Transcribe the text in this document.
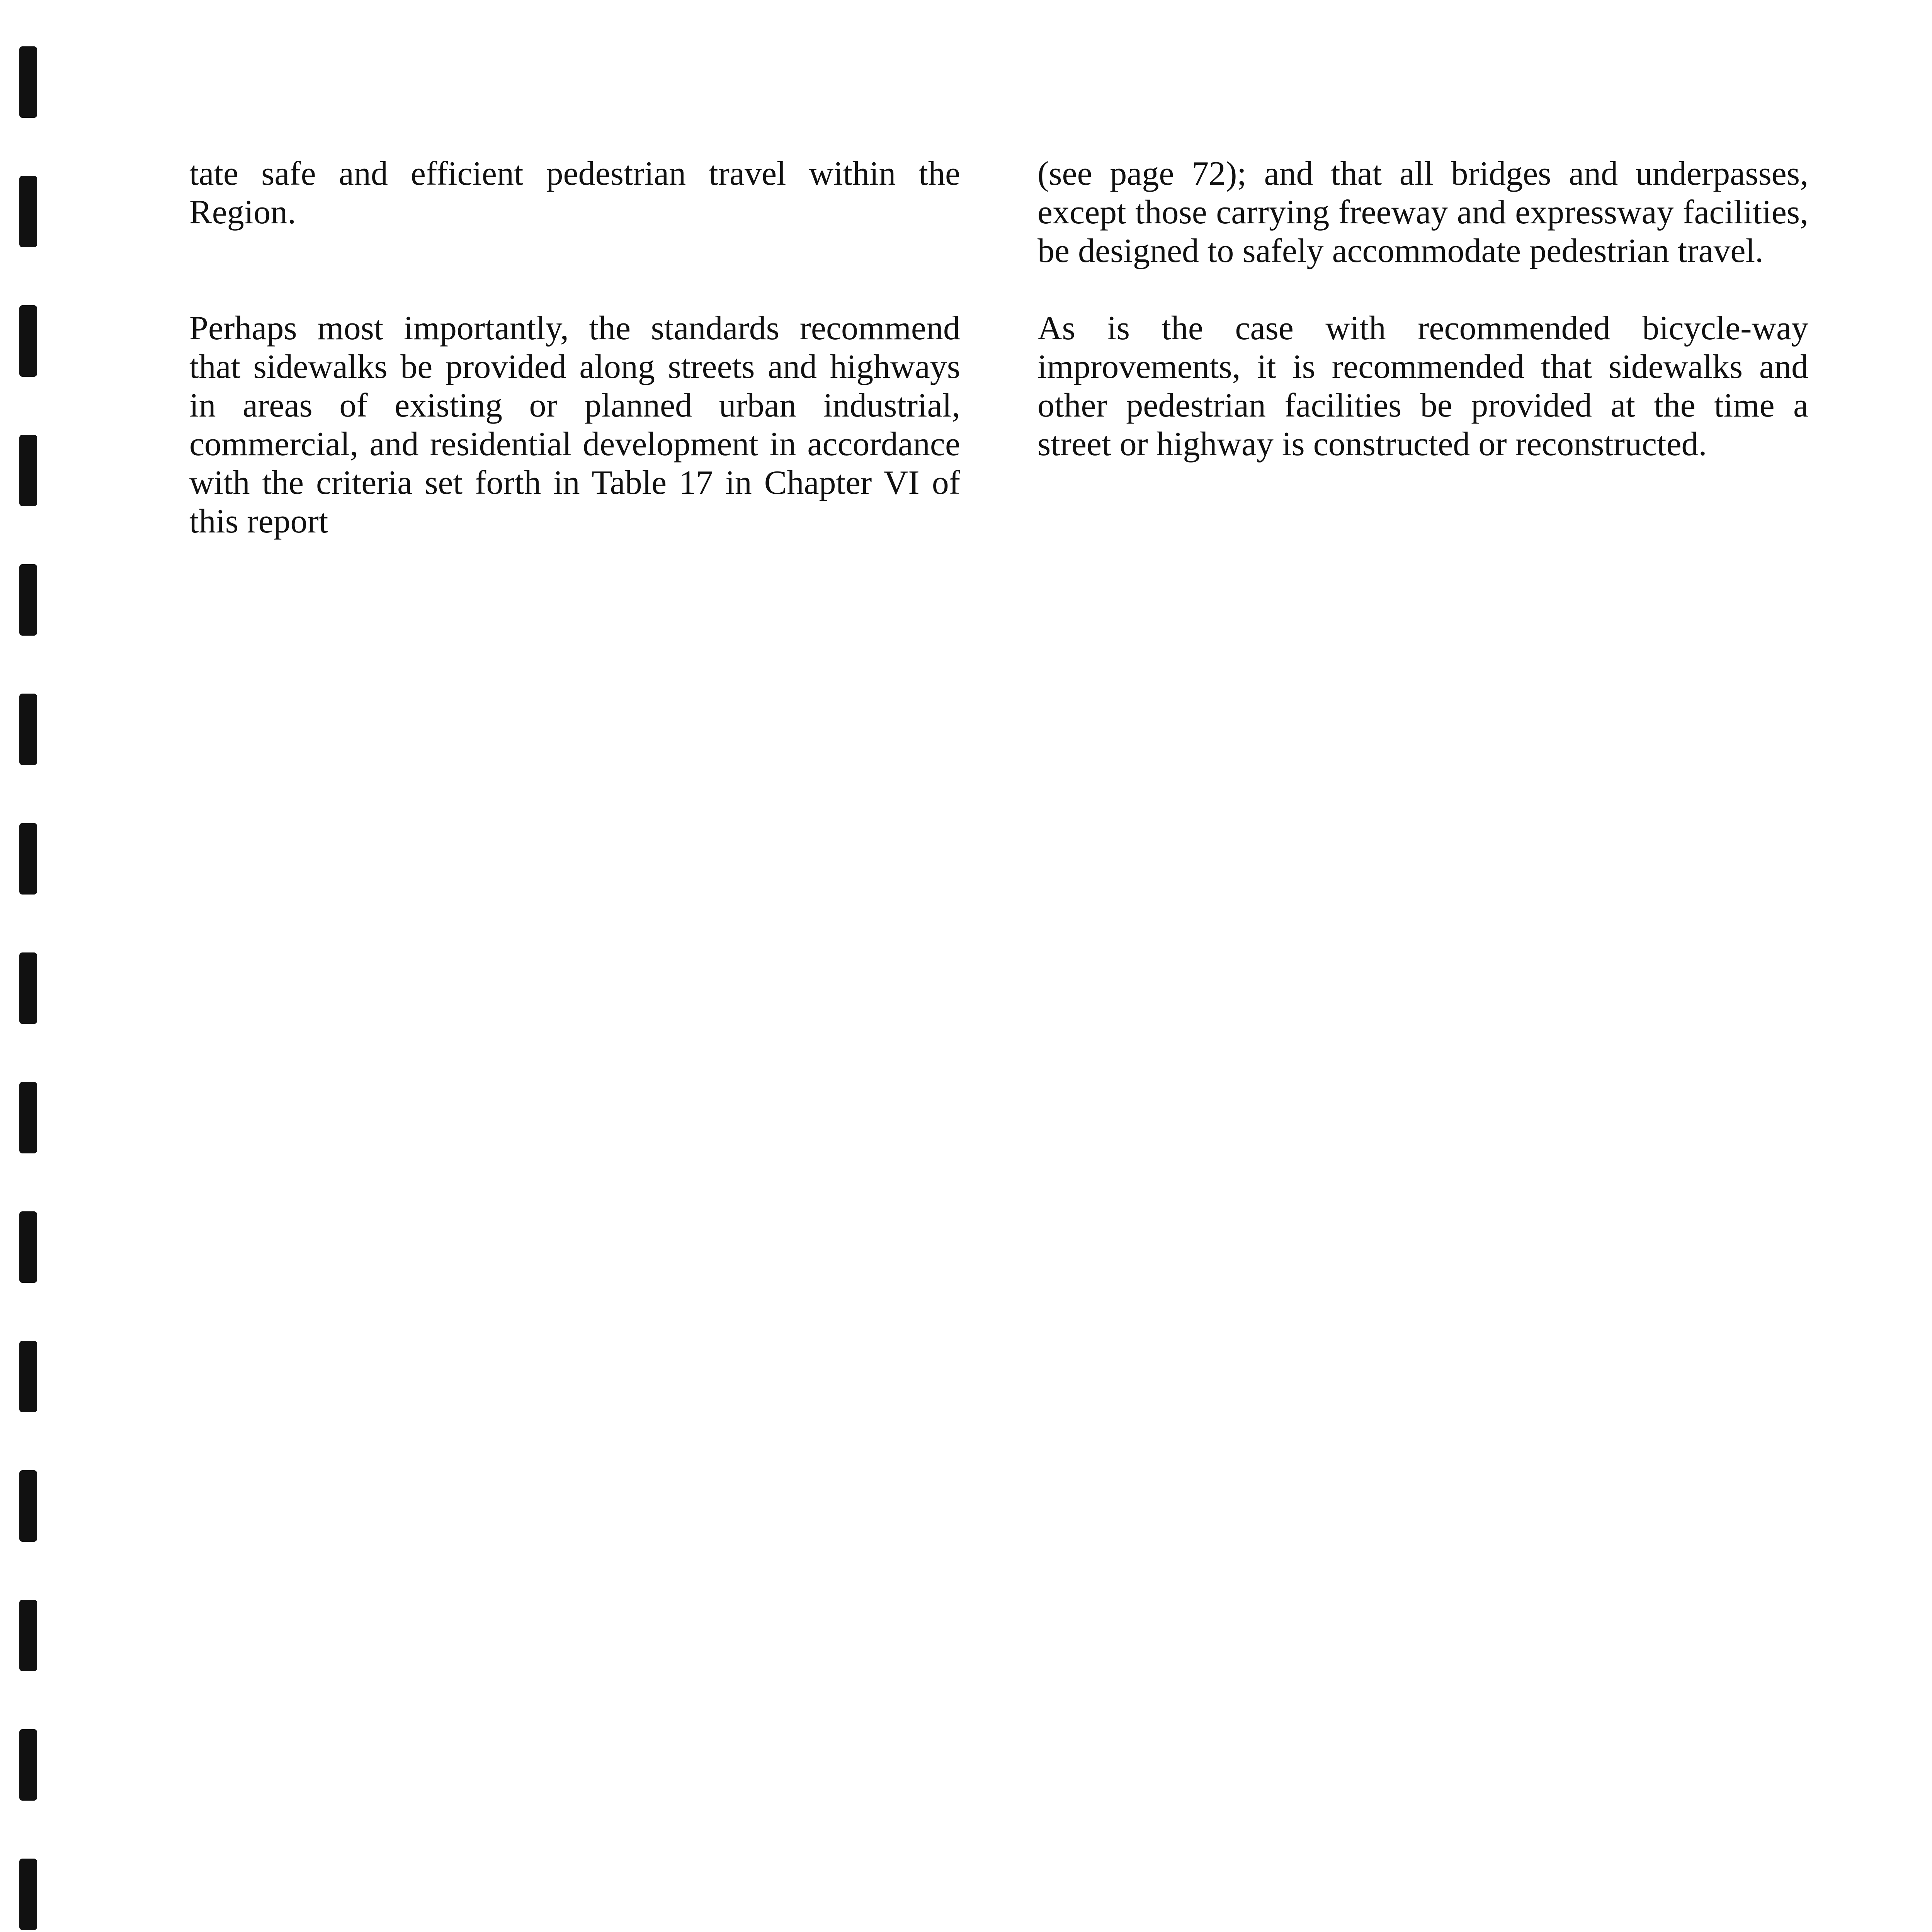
tate safe and efficient pedestrian travel within the Region.

Perhaps most importantly, the standards recommend that sidewalks be provided along streets and highways in areas of existing or planned urban industrial, commercial, and residential development in accordance with the criteria set forth in Table 17 in Chapter VI of this report

(see page 72); and that all bridges and underpasses, except those carrying freeway and expressway facilities, be designed to safely accommodate pedestrian travel.

As is the case with recommended bicycle-way improvements, it is recommended that sidewalks and other pedestrian facilities be provided at the time a street or highway is constructed or reconstructed.
